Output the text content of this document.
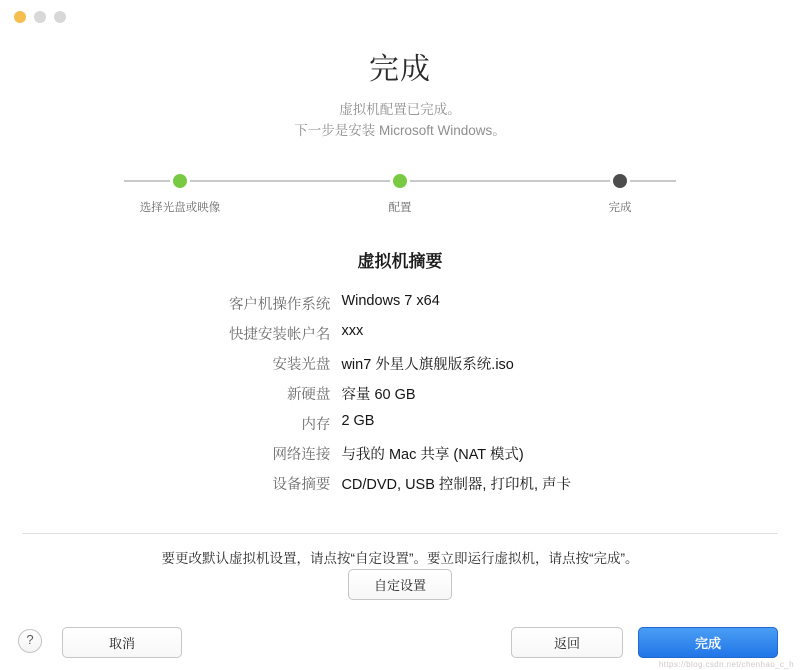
完成
虚拟机配置已完成。
下一步是安装 Microsoft Windows。
选择光盘或映像	配置	完成
虚拟机摘要
客户机操作系统	Windows 7 x64
快捷安装帐户名	xxx
安装光盘	win7 外星人旗舰版系统.iso
新硬盘	容量 60 GB
内存	2 GB
网络连接	与我的 Mac 共享 (NAT 模式)
设备摘要	CD/DVD, USB 控制器, 打印机, 声卡
要更改默认虚拟机设置，请点按“自定设置”。要立即运行虚拟机，请点按“完成”。
自定设置
?	取消	返回	完成
https://blog.csdn.net/chenhao_c_h
